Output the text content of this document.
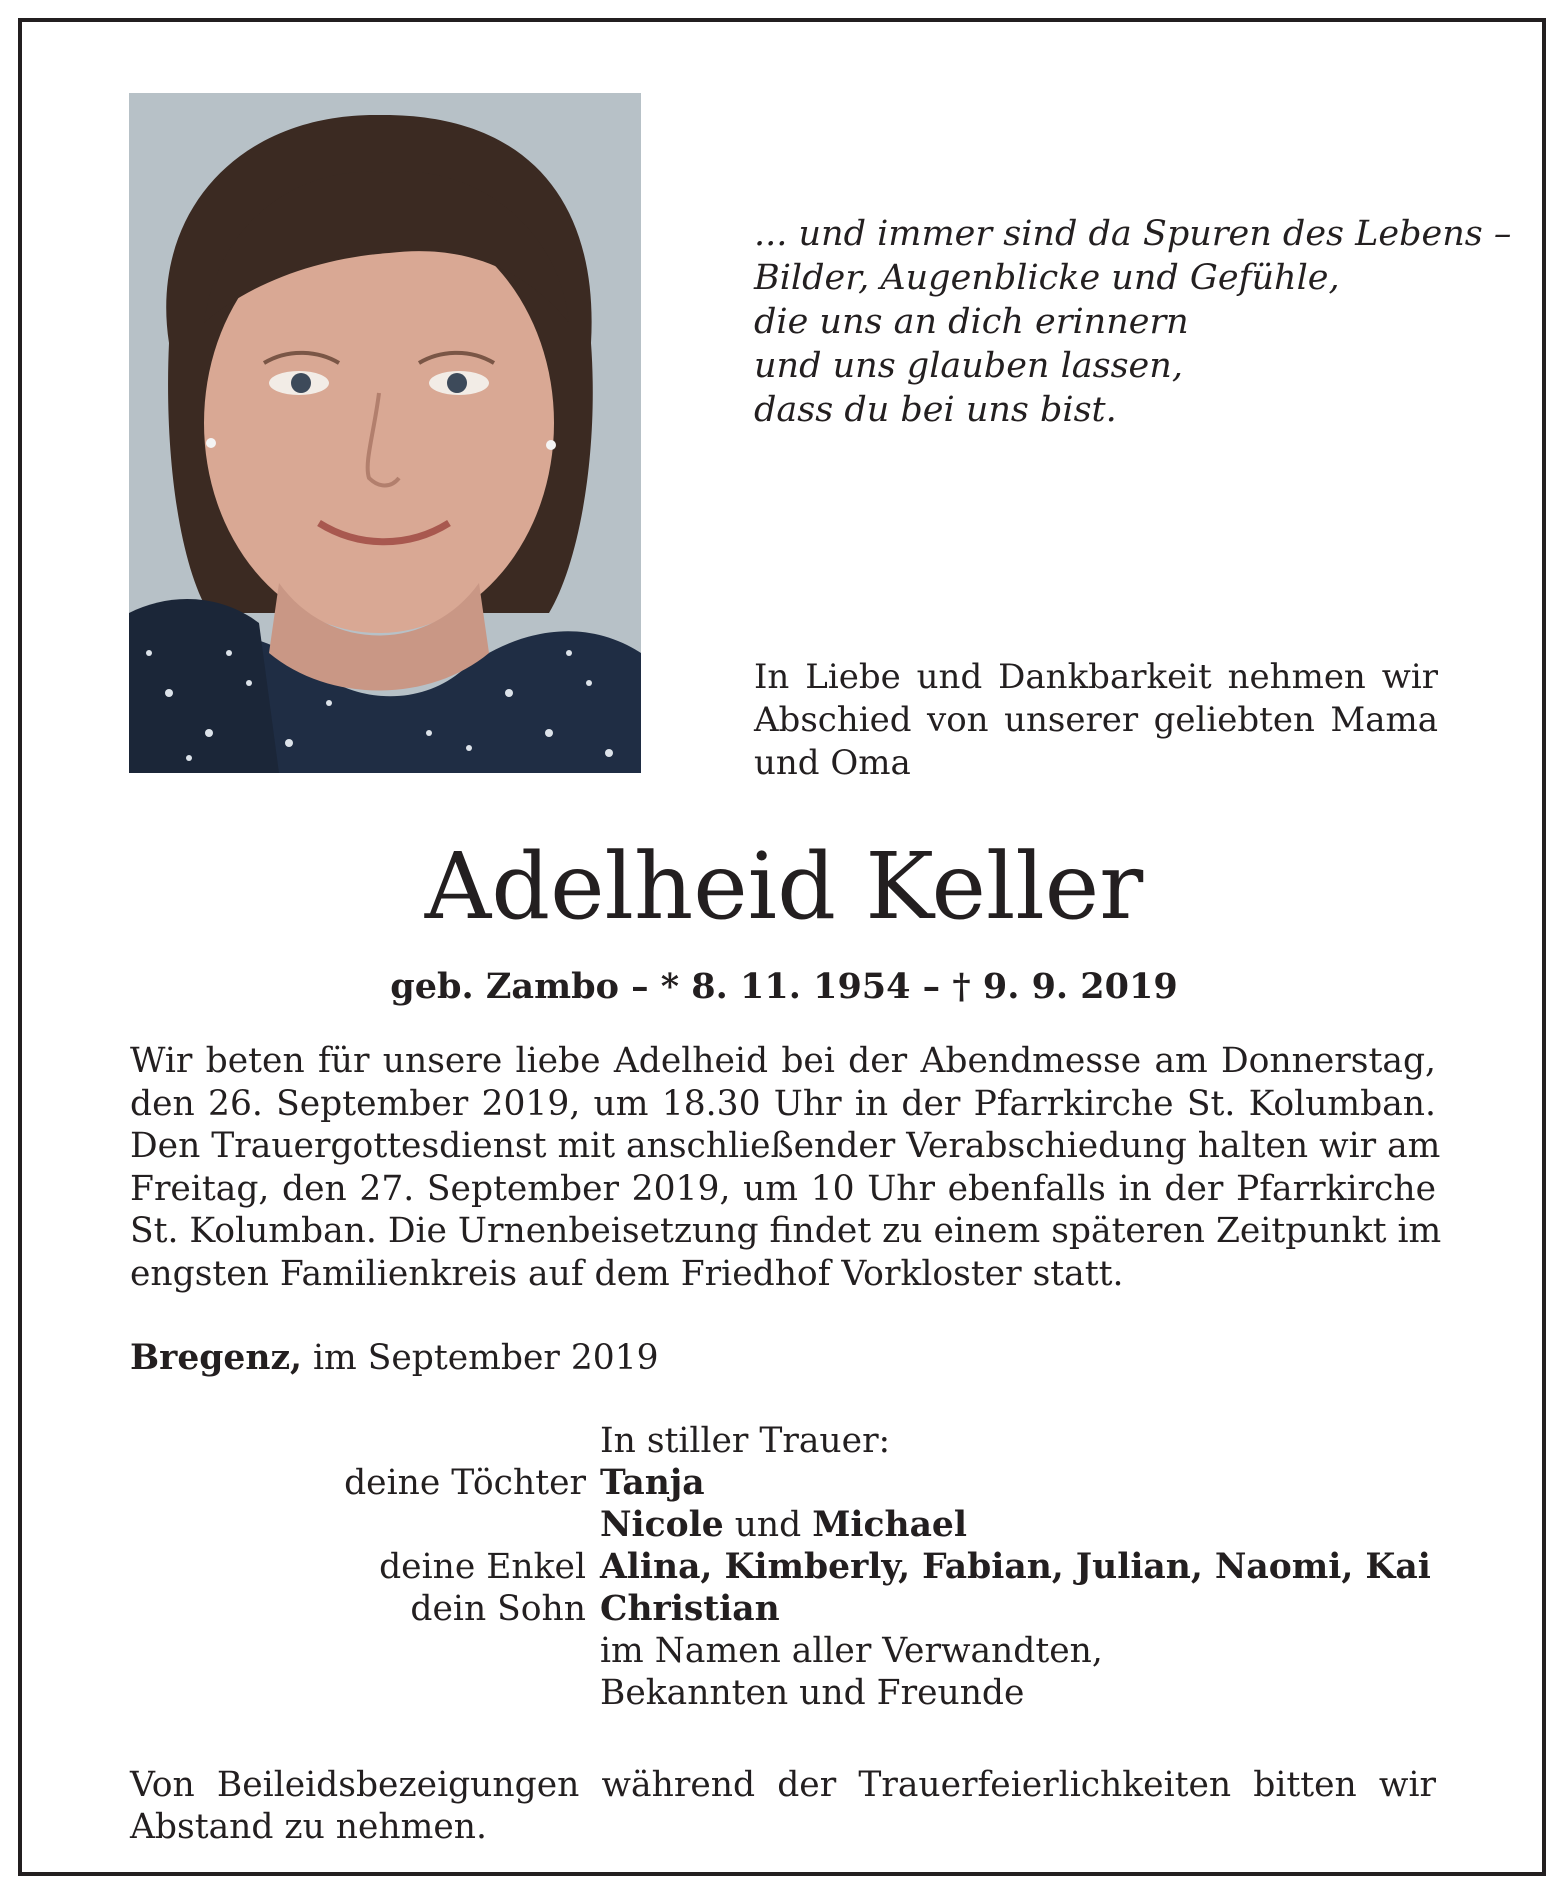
... und immer sind da Spuren des Lebens –
Bilder, Augenblicke und Gefühle,
die uns an dich erinnern
und uns glauben lassen,
dass du bei uns bist.
In Liebe und Dankbarkeit nehmen wir
Abschied von unserer geliebten Mama
und Oma
Adelheid Keller
geb. Zambo – * 8. 11. 1954 – † 9. 9. 2019
Wir beten für unsere liebe Adelheid bei der Abendmesse am Donnerstag,
den 26. September 2019, um 18.30 Uhr in der Pfarrkirche St. Kolumban.
Den Trauergottesdienst mit anschließender Verabschiedung halten wir am
Freitag, den 27. September 2019, um 10 Uhr ebenfalls in der Pfarrkirche
St. Kolumban. Die Urnenbeisetzung findet zu einem späteren Zeitpunkt im
engsten Familienkreis auf dem Friedhof Vorkloster statt.
Bregenz, im September 2019
In stiller Trauer:
deine Töchter Tanja
Nicole und Michael
deine Enkel Alina, Kimberly, Fabian, Julian, Naomi, Kai
dein Sohn Christian
im Namen aller Verwandten,
Bekannten und Freunde
Von Beileidsbezeigungen während der Trauerfeierlichkeiten bitten wir
Abstand zu nehmen.
